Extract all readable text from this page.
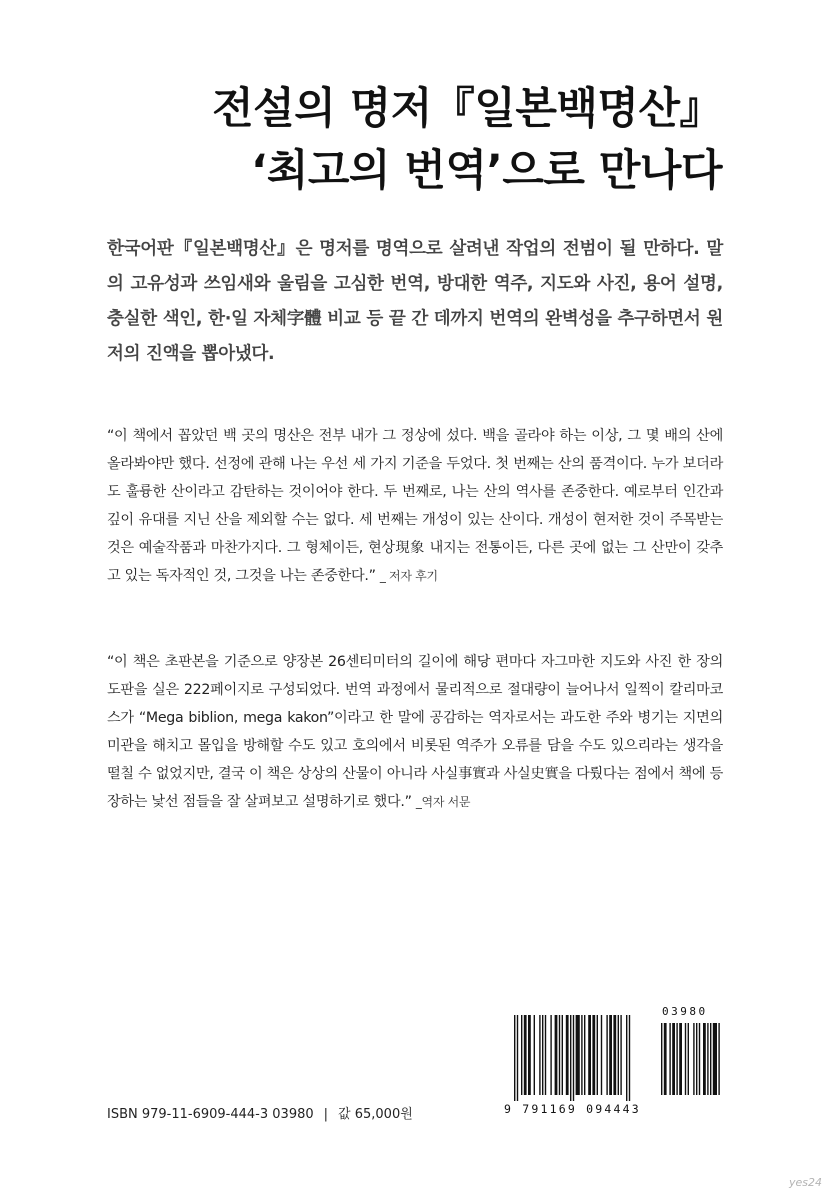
전설의 명저『일본백명산』
‘최고의 번역’으로 만나다
한국어판『일본백명산』은 명저를 명역으로 살려낸 작업의 전범이 될 만하다. 말의 고유성과 쓰임새와 울림을 고심한 번역, 방대한 역주, 지도와 사진, 용어 설명, 충실한 색인, 한·일 자체字體 비교 등 끝 간 데까지 번역의 완벽성을 추구하면서 원저의 진액을 뽑아냈다.
“이 책에서 꼽았던 백 곳의 명산은 전부 내가 그 정상에 섰다. 백을 골라야 하는 이상, 그 몇 배의 산에 올라봐야만 했다. 선정에 관해 나는 우선 세 가지 기준을 두었다. 첫 번째는 산의 품격이다. 누가 보더라도 훌륭한 산이라고 감탄하는 것이어야 한다. 두 번째로, 나는 산의 역사를 존중한다. 예로부터 인간과 깊이 유대를 지닌 산을 제외할 수는 없다. 세 번째는 개성이 있는 산이다. 개성이 현저한 것이 주목받는 것은 예술작품과 마찬가지다. 그 형체이든, 현상現象 내지는 전통이든, 다른 곳에 없는 그 산만이 갖추고 있는 독자적인 것, 그것을 나는 존중한다.” _ 저자 후기
“이 책은 초판본을 기준으로 양장본 26센티미터의 길이에 해당 편마다 자그마한 지도와 사진 한 장의 도판을 실은 222페이지로 구성되었다. 번역 과정에서 물리적으로 절대량이 늘어나서 일찍이 칼리마코스가 “Mega biblion, mega kakon”이라고 한 말에 공감하는 역자로서는 과도한 주와 병기는 지면의 미관을 해치고 몰입을 방해할 수도 있고 호의에서 비롯된 역주가 오류를 담을 수도 있으리라는 생각을 떨칠 수 없었지만, 결국 이 책은 상상의 산물이 아니라 사실事實과 사실史實을 다뤘다는 점에서 책에 등장하는 낯선 점들을 잘 살펴보고 설명하기로 했다.” _역자 서문
ISBN 979-11-6909-444-3 03980 | 값 65,000원
03980
9 791169 094443
yes24
